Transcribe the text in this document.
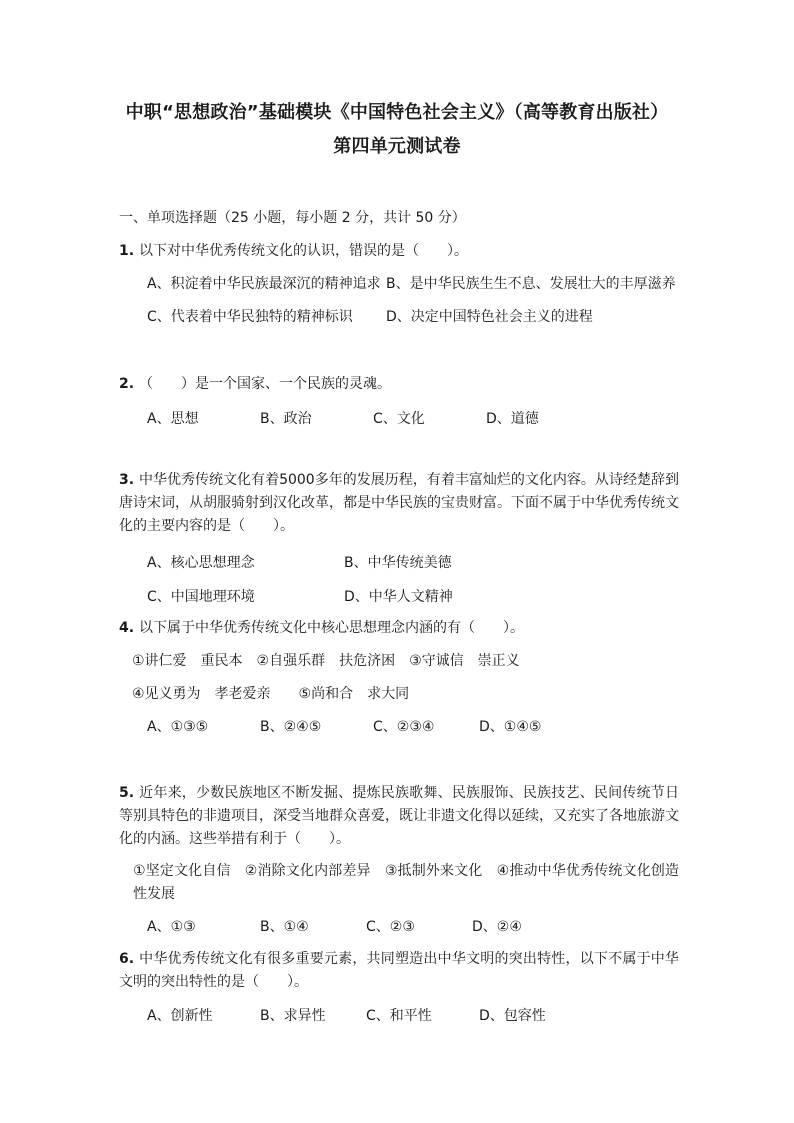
中职“思想政治”基础模块《中国特色社会主义》（高等教育出版社）
第四单元测试卷
一、单项选择题（25 小题，每小题 2 分，共计 50 分）
1. 以下对中华优秀传统文化的认识，错误的是（　　）。
A、积淀着中华民族最深沉的精神追求 B、是中华民族生生不息、发展壮大的丰厚滋养
C、代表着中华民独特的精神标识 D、决定中国特色社会主义的进程
2. （　　）是一个国家、一个民族的灵魂。
A、思想	B、政治	C、文化	D、道德
3. 中华优秀传统文化有着5000多年的发展历程，有着丰富灿烂的文化内容。从诗经楚辞到唐诗宋词，从胡服骑射到汉化改革，都是中华民族的宝贵财富。下面不属于中华优秀传统文化的主要内容的是（　　）。
A、核心思想理念	B、中华传统美德
C、中国地理环境	D、中华人文精神
4. 以下属于中华优秀传统文化中核心思想理念内涵的有（　　）。
①讲仁爱　重民本　②自强乐群　扶危济困　③守诚信　崇正义
④见义勇为　孝老爱亲　　⑤尚和合　求大同
A、①③⑤	B、②④⑤	C、②③④	D、①④⑤
5. 近年来，少数民族地区不断发掘、提炼民族歌舞、民族服饰、民族技艺、民间传统节日等别具特色的非遗项目，深受当地群众喜爱，既让非遗文化得以延续，又充实了各地旅游文化的内涵。这些举措有利于（　　）。
①坚定文化自信　②消除文化内部差异　③抵制外来文化　④推动中华优秀传统文化创造性发展
A、①③	B、①④	C、②③	D、②④
6. 中华优秀传统文化有很多重要元素，共同塑造出中华文明的突出特性，以下不属于中华文明的突出特性的是（　　）。
A、创新性	B、求异性	C、和平性	D、包容性
